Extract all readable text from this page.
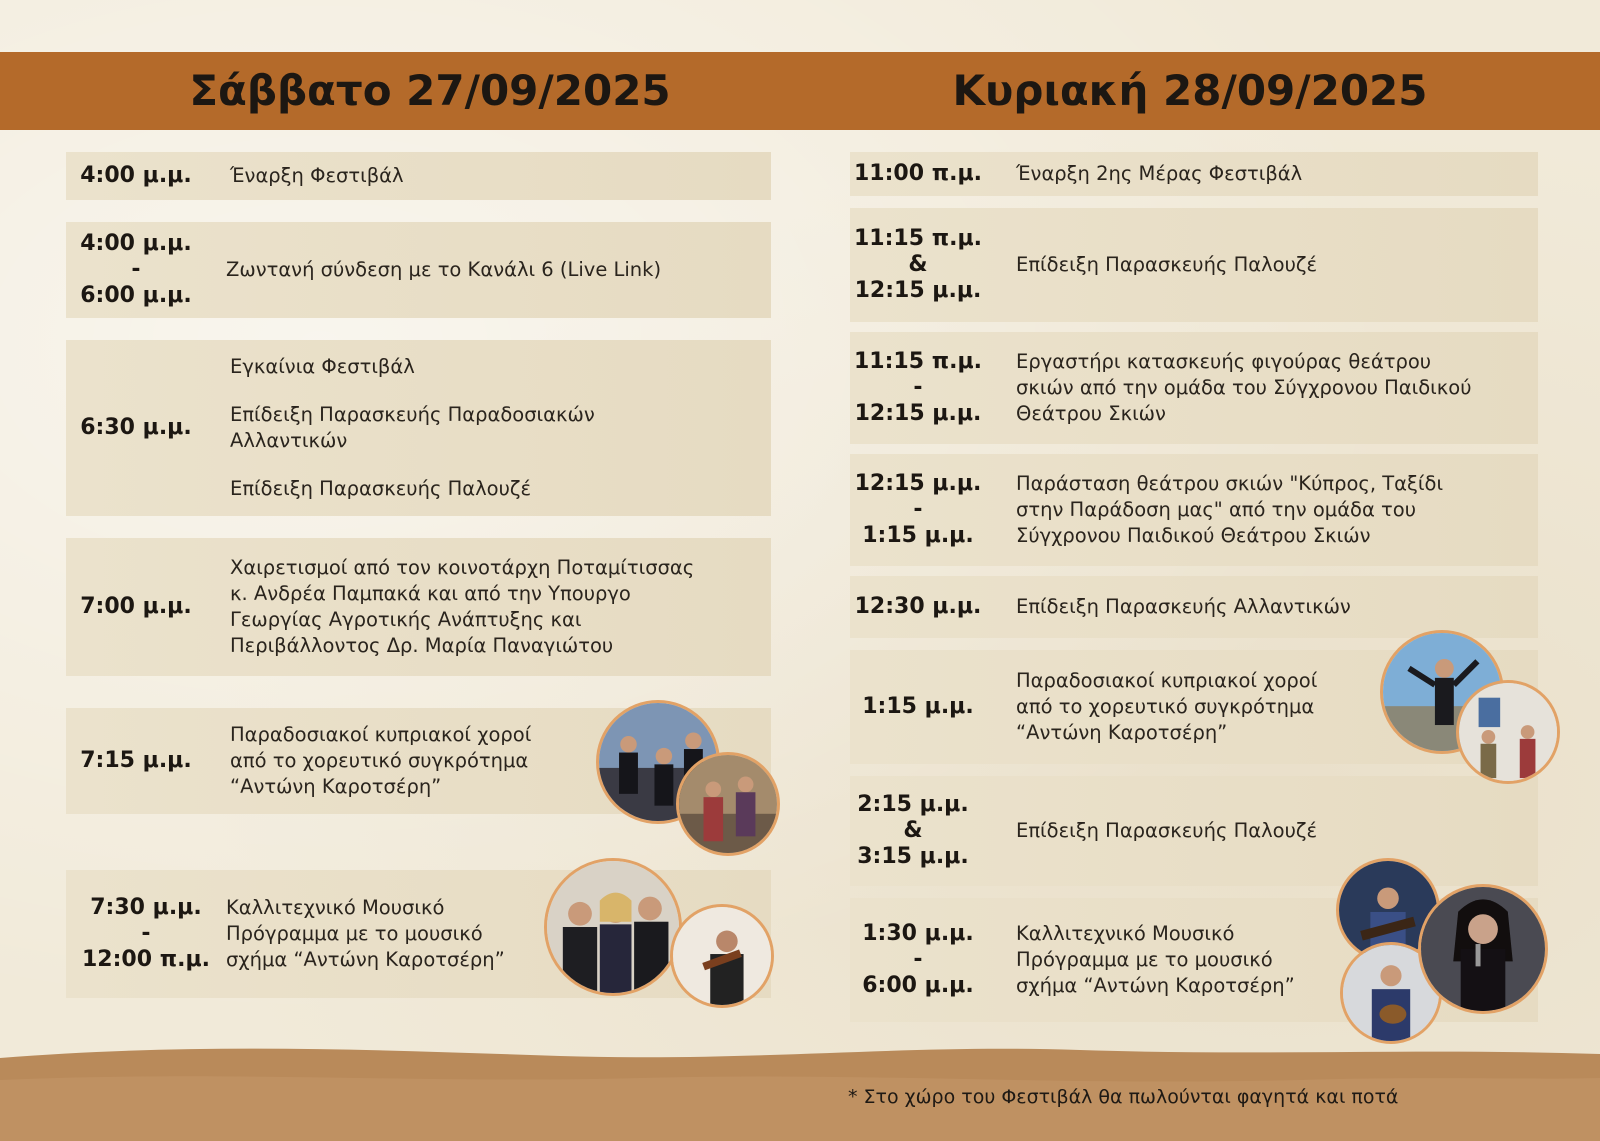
Σάββατο 27/09/2025	Κυριακή 28/09/2025
4:00 μ.μ. Έναρξη Φεστιβάλ
4:00 μ.μ.
-
6:00 μ.μ.
Ζωντανή σύνδεση με το Κανάλι 6 (Live Link)
6:30 μ.μ.
Εγκαίνια Φεστιβάλ
Επίδειξη Παρασκευής Παραδοσιακών
Αλλαντικών
Επίδειξη Παρασκευής Παλουζέ
7:00 μ.μ.
Χαιρετισμοί από τον κοινοτάρχη Ποταμίτισσας
κ. Ανδρέα Παμπακά και από την Υπουργο
Γεωργίας Αγροτικής Ανάπτυξης και
Περιβάλλοντος Δρ. Μαρία Παναγιώτου
7:15 μ.μ.
Παραδοσιακοί κυπριακοί χοροί
από το χορευτικό συγκρότημα
“Αντώνη Καροτσέρη”
7:30 μ.μ.
-
12:00 π.μ.
Καλλιτεχνικό Μουσικό
Πρόγραμμα με το μουσικό
σχήμα “Αντώνη Καροτσέρη”
11:00 π.μ. Έναρξη 2ης Μέρας Φεστιβάλ
11:15 π.μ.
&
12:15 μ.μ.
Επίδειξη Παρασκευής Παλουζέ
11:15 π.μ.
-
12:15 μ.μ.
Εργαστήρι κατασκευής φιγούρας θεάτρου
σκιών από την ομάδα του Σύγχρονου Παιδικού
Θεάτρου Σκιών
12:15 μ.μ.
-
1:15 μ.μ.
Παράσταση θεάτρου σκιών "Κύπρος, Ταξίδι
στην Παράδοση μας" από την ομάδα του
Σύγχρονου Παιδικού Θεάτρου Σκιών
12:30 μ.μ. Επίδειξη Παρασκευής Αλλαντικών
1:15 μ.μ.
Παραδοσιακοί κυπριακοί χοροί
από το χορευτικό συγκρότημα
“Αντώνη Καροτσέρη”
2:15 μ.μ.
&
3:15 μ.μ.
Επίδειξη Παρασκευής Παλουζέ
1:30 μ.μ.
-
6:00 μ.μ.
Καλλιτεχνικό Μουσικό
Πρόγραμμα με το μουσικό
σχήμα “Αντώνη Καροτσέρη”
* Στο χώρο του Φεστιβάλ θα πωλούνται φαγητά και ποτά
